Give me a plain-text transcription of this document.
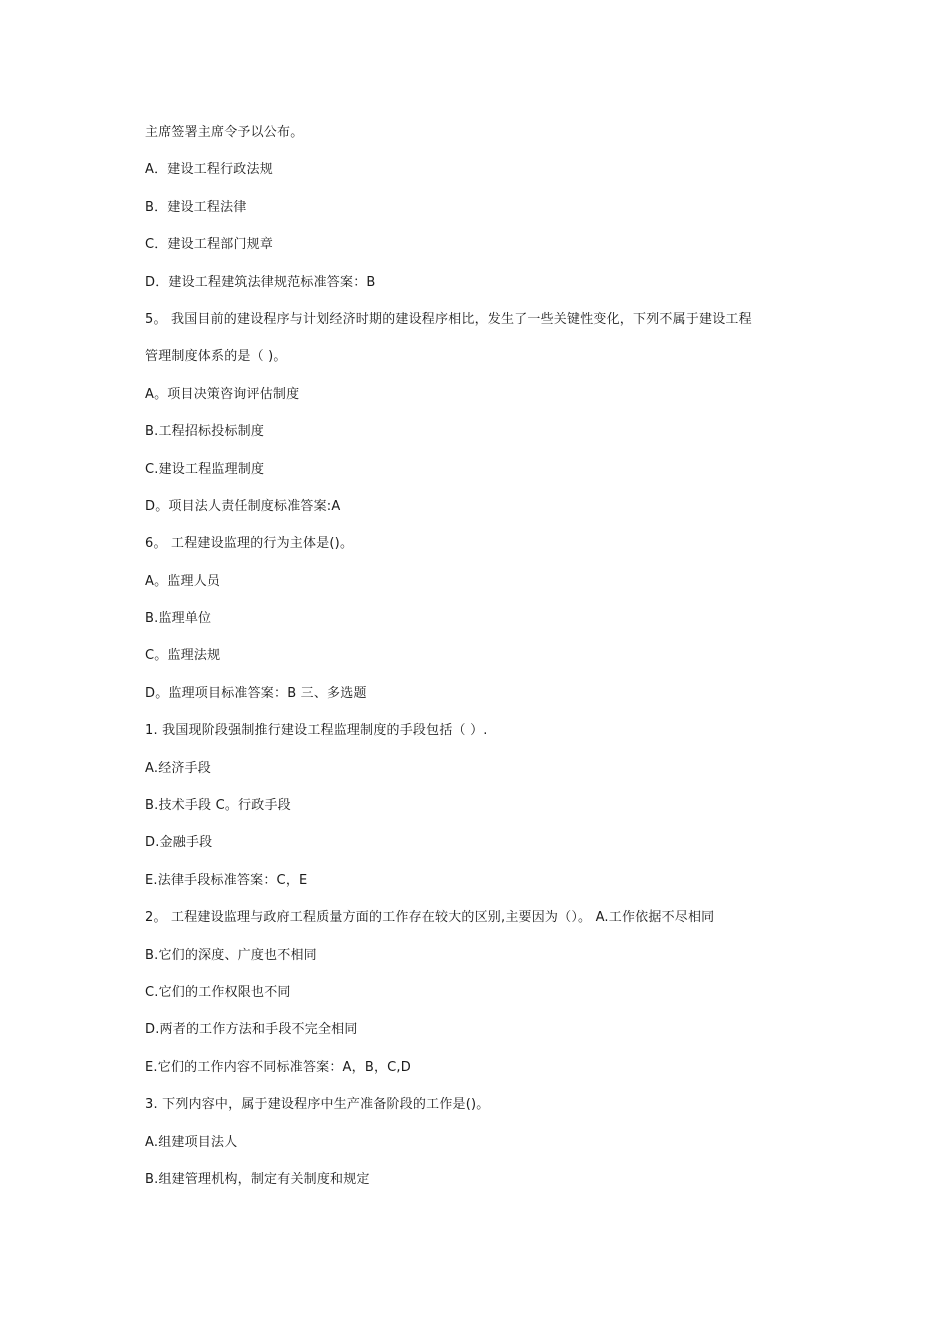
主席签署主席令予以公布。
A．建设工程行政法规
B．建设工程法律
C．建设工程部门规章
D．建设工程建筑法律规范标准答案：B
5。 我国目前的建设程序与计划经济时期的建设程序相比，发生了一些关键性变化，下列不属于建设工程
管理制度体系的是（ )。
A。项目决策咨询评估制度
B.工程招标投标制度
C.建设工程监理制度
D。项目法人责任制度标准答案:A
6。 工程建设监理的行为主体是()。
A。监理人员
B.监理单位
C。监理法规
D。监理项目标准答案：B 三、多选题
1. 我国现阶段强制推行建设工程监理制度的手段包括（ ）.
A.经济手段
B.技术手段 C。行政手段
D.金融手段
E.法律手段标准答案：C，E
2。 工程建设监理与政府工程质量方面的工作存在较大的区别,主要因为（）。 A.工作依据不尽相同
B.它们的深度、广度也不相同
C.它们的工作权限也不同
D.两者的工作方法和手段不完全相同
E.它们的工作内容不同标准答案：A，B，C,D
3. 下列内容中，属于建设程序中生产准备阶段的工作是()。
A.组建项目法人
B.组建管理机构，制定有关制度和规定
